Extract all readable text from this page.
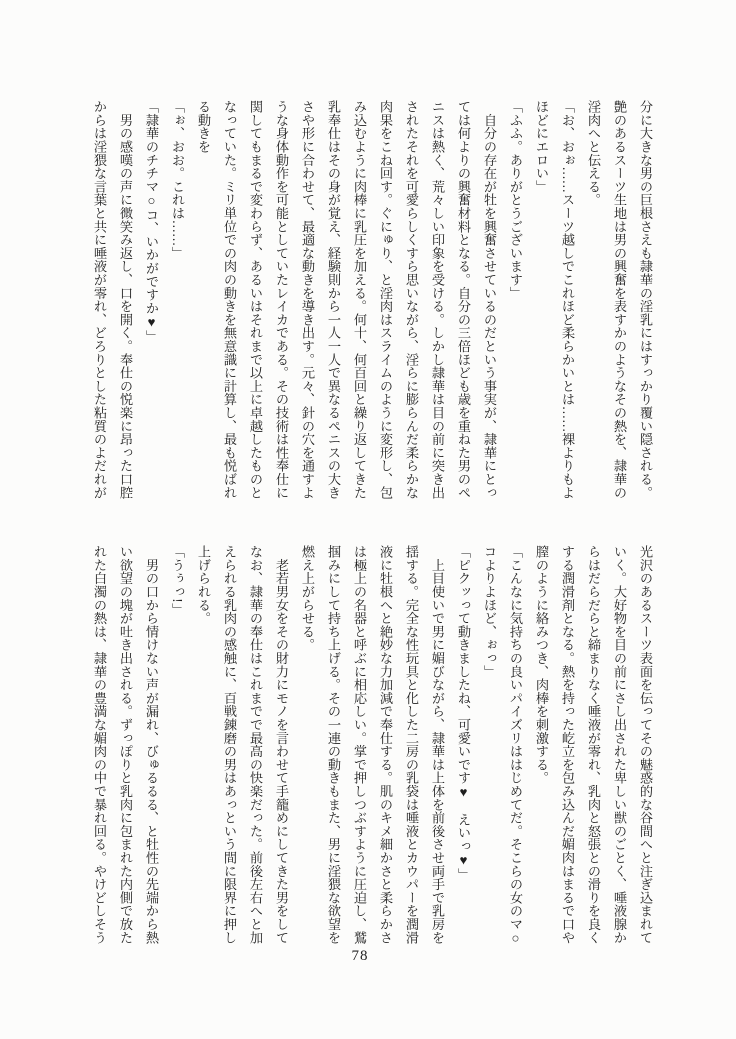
分に大きな男の巨根さえも隷華の淫乳にはすっかり覆い隠される。

艶のあるスーツ生地は男の興奮を表すかのようなその熱を、隷華の

淫肉へと伝える。

「お、おぉ……スーツ越しでこれほど柔らかいとは……裸よりもよ

ほどにエロい」

「ふふ。ありがとうございます」

　自分の存在が牡を興奮させているのだという事実が、隷華にとっ

ては何よりの興奮材料となる。自分の三倍ほども歳を重ねた男のペ

ニスは熱く、荒々しい印象を受ける。しかし隷華は目の前に突き出

されたそれを可愛らしくすら思いながら、淫らに膨らんだ柔らかな

肉果をこね回す。ぐにゅり、と淫肉はスライムのように変形し、包

み込むように肉棒に乳圧を加える。何十、何百回と繰り返してきた

乳奉仕はその身が覚え、経験則から一人一人で異なるペニスの大き

さや形に合わせて、最適な動きを導き出す。元々、針の穴を通すよ

うな身体動作を可能としていたレイカである。その技術は性奉仕に

関してもまるで変わらず、あるいはそれまで以上に卓越したものと

なっていた。ミリ単位での肉の動きを無意識に計算し、最も悦ばれ

る動きを

「ぉ、おお。これは……」

「隷華のチチマ○コ、いかがですか♥」

　男の感嘆の声に微笑み返し、口を開く。奉仕の悦楽に昂った口腔

からは淫猥な言葉と共に唾液が零れ、どろりとした粘質のよだれが

光沢のあるスーツ表面を伝ってその魅惑的な谷間へと注ぎ込まれて

いく。大好物を目の前にさし出された卑しい獣のごとく、唾液腺か

らはだらだらと締まりなく唾液が零れ、乳肉と怒張との滑りを良く

する潤滑剤となる。熱を持った屹立を包み込んだ媚肉はまるで口や

膣のように絡みつき、肉棒を刺激する。

「こんなに気持ちの良いパイズリははじめてだ。そこらの女のマ○

コよりよほど、ぉっ」

「ピクッって動きましたね、可愛いです♥　えいっ♥」

　上目使いで男に媚びながら、隷華は上体を前後させ両手で乳房を

揺する。完全な性玩具と化した二房の乳袋は唾液とカウパーを潤滑

液に牡根へと絶妙な力加減で奉仕する。肌のキメ細かさと柔らかさ

は極上の名器と呼ぶに相応しい。掌で押しつぶすように圧迫し、鷲

掴みにして持ち上げる。その一連の動きもまた、男に淫猥な欲望を

燃え上がらせる。

　老若男女をその財力にモノを言わせて手籠めにしてきた男をして

なお、隷華の奉仕はこれまでで最高の快楽だった。前後左右へと加

えられる乳肉の感触に、百戦錬磨の男はあっという間に限界に押し

上げられる。

「うぅっ!」

　男の口から情けない声が漏れ、びゅるるる、と牡性の先端から熱

い欲望の塊が吐き出される。ずっぽりと乳肉に包まれた内側で放た

れた白濁の熱は、隷華の豊満な媚肉の中で暴れ回る。やけどしそう

78
